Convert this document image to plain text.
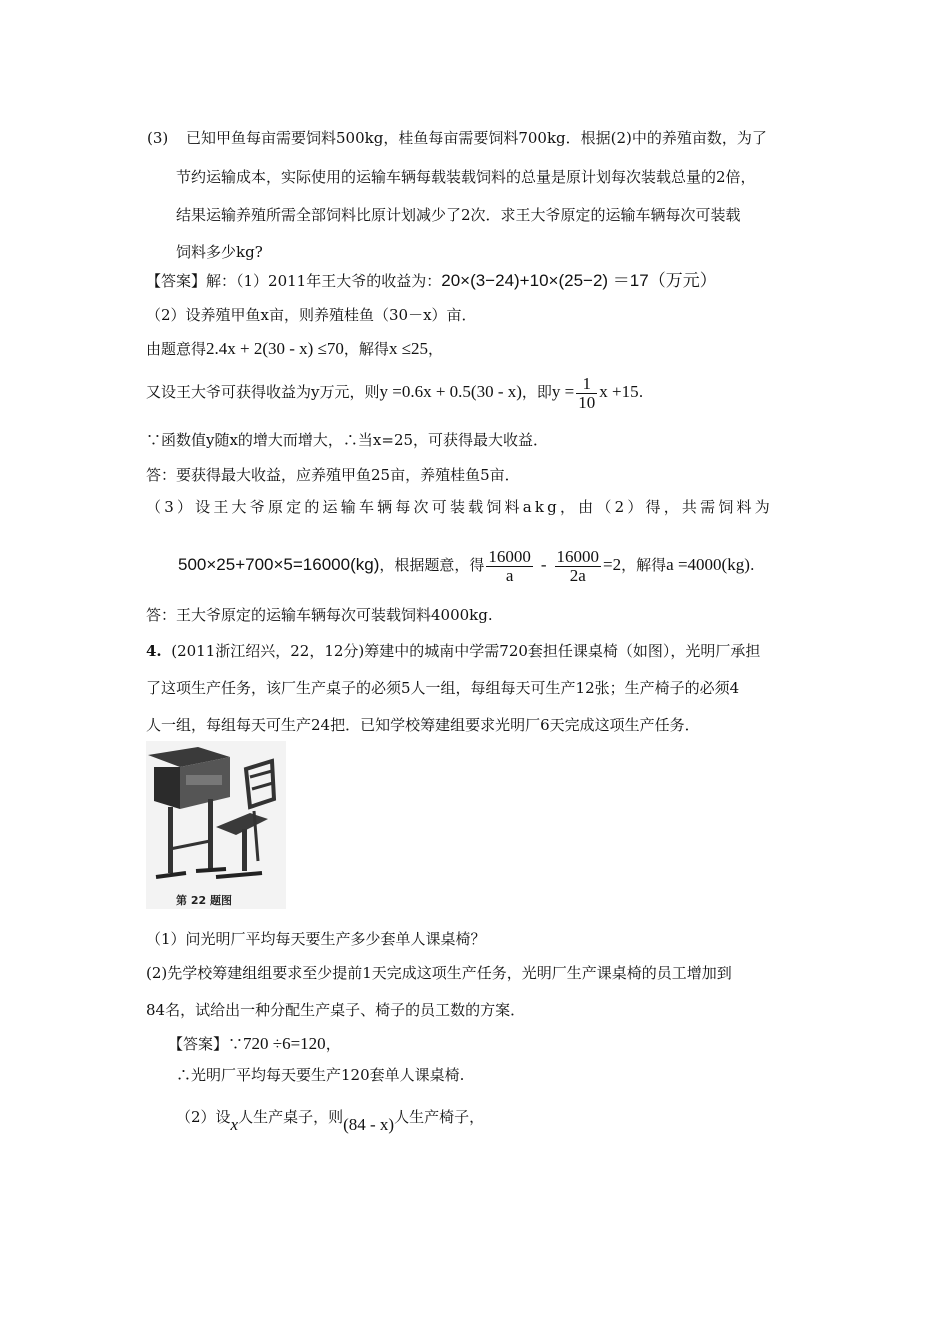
(3) 已知甲鱼每亩需要饲料500kg，桂鱼每亩需要饲料700kg．根据(2)中的养殖亩数，为了
节约运输成本，实际使用的运输车辆每载装载饲料的总量是原计划每次装载总量的2倍，
结果运输养殖所需全部饲料比原计划减少了2次．求王大爷原定的运输车辆每次可装载
饲料多少kg?
【答案】解：（1）2011年王大爷的收益为：20×(3−24)+10×(25−2) ＝17（万元）
（2）设养殖甲鱼x亩，则养殖桂鱼（30－x）亩．
由题意得2.4x + 2(30 - x) ≤70，解得x ≤25，
又设王大爷可获得收益为y万元，则y =0.6x + 0.5(30 - x)，即$y = \frac{1}{10}$ x +15.
∵函数值y随x的增大而增大，∴当x=25，可获得最大收益．
答：要获得最大收益，应养殖甲鱼25亩，养殖桂鱼5亩．
（3）设王大爷原定的运输车辆每次可装载饲料akg，由（2）得，共需饲料为
500×25+700×5=16000(kg)，根据题意，得 $\frac{16000}{a} - \frac{16000}{2a} =2$，解得a =4000(kg).
答：王大爷原定的运输车辆每次可装载饲料4000kg.
4. (2011浙江绍兴，22，12分)筹建中的城南中学需720套担任课桌椅（如图），光明厂承担
了这项生产任务，该厂生产桌子的必须5人一组，每组每天可生产12张；生产椅子的必须4
人一组，每组每天可生产24把．已知学校筹建组要求光明厂6天完成这项生产任务．
第 22 题图
（1）问光明厂平均每天要生产多少套单人课桌椅？
(2)先学校筹建组组要求至少提前1天完成这项生产任务，光明厂生产课桌椅的员工增加到
84名，试给出一种分配生产桌子、椅子的员工数的方案．
【答案】∵720 ÷6=120，
∴光明厂平均每天要生产120套单人课桌椅.
（2）设x人生产桌子，则(84 - x)人生产椅子，
